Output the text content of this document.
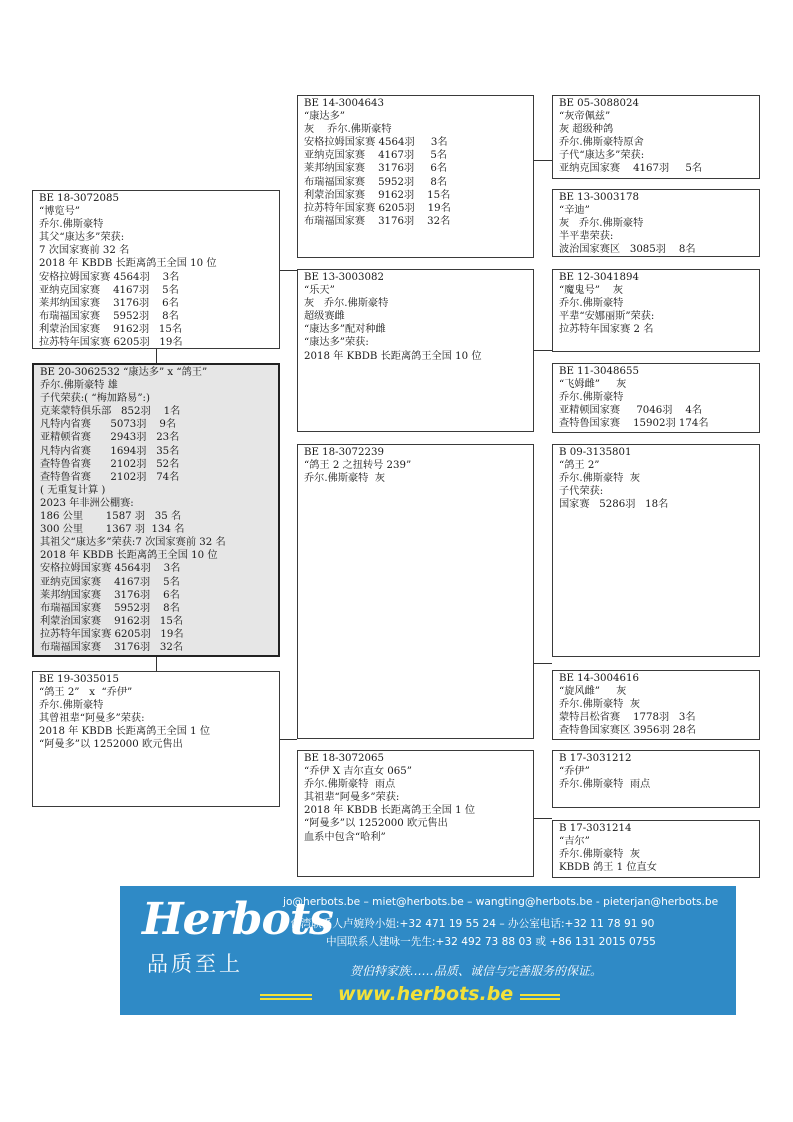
BE 18-3072085
“博览号”
乔尔.佛斯豪特
其父“康达多”荣获:
7 次国家赛前 32 名
2018 年 KBDB 长距离鸽王全国 10 位
安格拉姆国家赛 4564羽    3名
亚纳克国家赛    4167羽    5名
莱邦纳国家赛    3176羽    6名
布瑞福国家赛    5952羽    8名
利蒙治国家赛    9162羽   15名
拉苏特年国家赛 6205羽   19名
BE 20-3062532 “康达多” x “鸽王”
乔尔.佛斯豪特 雄
子代荣获:( “梅加路易”:)
克莱蒙特俱乐部   852羽    1名
凡特内省赛      5073羽    9名
亚精顿省赛      2943羽   23名
凡特内省赛      1694羽   35名
查特鲁省赛      2102羽   52名
查特鲁省赛      2102羽   74名
( 无重复计算 )
2023 年非洲公棚赛:
186 公里       1587 羽   35 名
300 公里       1367 羽  134 名
其祖父“康达多”荣获:7 次国家赛前 32 名
2018 年 KBDB 长距离鸽王全国 10 位
安格拉姆国家赛 4564羽    3名
亚纳克国家赛    4167羽    5名
莱邦纳国家赛    3176羽    6名
布瑞福国家赛    5952羽    8名
利蒙治国家赛    9162羽   15名
拉苏特年国家赛 6205羽   19名
布瑞福国家赛    3176羽   32名
BE 19-3035015
“鸽王 2”   x  “乔伊”
乔尔.佛斯豪特
其曾祖辈“阿曼多”荣获:
2018 年 KBDB 长距离鸽王全国 1 位
“阿曼多”以 1252000 欧元售出
BE 14-3004643
“康达多”
灰    乔尔.佛斯豪特
安格拉姆国家赛 4564羽     3名
亚纳克国家赛    4167羽     5名
莱邦纳国家赛    3176羽     6名
布瑞福国家赛    5952羽     8名
利蒙治国家赛    9162羽    15名
拉苏特年国家赛 6205羽    19名
布瑞福国家赛    3176羽    32名
BE 13-3003082
“乐天”
灰   乔尔.佛斯豪特
超级赛雌
“康达多”配对种雌
“康达多”荣获:
2018 年 KBDB 长距离鸽王全国 10 位
BE 18-3072239
“鸽王 2 之扭转号 239”
乔尔.佛斯豪特  灰
BE 18-3072065
“乔伊 X 吉尔直女 065”
乔尔.佛斯豪特  雨点
其祖辈“阿曼多”荣获:
2018 年 KBDB 长距离鸽王全国 1 位
“阿曼多”以 1252000 欧元售出
血系中包含“哈利”
BE 05-3088024
“灰帝佩兹”
灰 超级种鸽
乔尔.佛斯豪特原舍
子代“康达多”荣获:
亚纳克国家赛    4167羽     5名
BE 13-3003178
“辛迪”
灰   乔尔.佛斯豪特
半平辈荣获:
波治国家赛区   3085羽    8名
BE 12-3041894
“魔鬼号”    灰
乔尔.佛斯豪特
平辈“安娜丽斯”荣获:
拉苏特年国家赛 2 名
BE 11-3048655
“飞姆雌”     灰
乔尔.佛斯豪特
亚精顿国家赛     7046羽    4名
查特鲁国家赛    15902羽 174名
B 09-3135801
“鸽王 2”
乔尔.佛斯豪特  灰
子代荣获:
国家赛   5286羽   18名
BE 14-3004616
“旋风雌”     灰
乔尔.佛斯豪特  灰
蒙特吕松省赛    1778羽   3名
查特鲁国家赛区 3956羽 28名
B 17-3031212
“乔伊”
乔尔.佛斯豪特  雨点
B 17-3031214
“吉尔”
乔尔.佛斯豪特  灰
KBDB 鸽王 1 位直女
Herbots
品质至上
jo@herbots.be – miet@herbots.be – wangting@herbots.be - pieterjan@herbots.be
台湾联系人卢婉羚小姐:+32 471 19 55 24 – 办公室电话:+32 11 78 91 90
中国联系人建咏一先生:+32 492 73 88 03 或 +86 131 2015 0755
贺伯特家族……品质、诚信与完善服务的保证。
www.herbots.be
